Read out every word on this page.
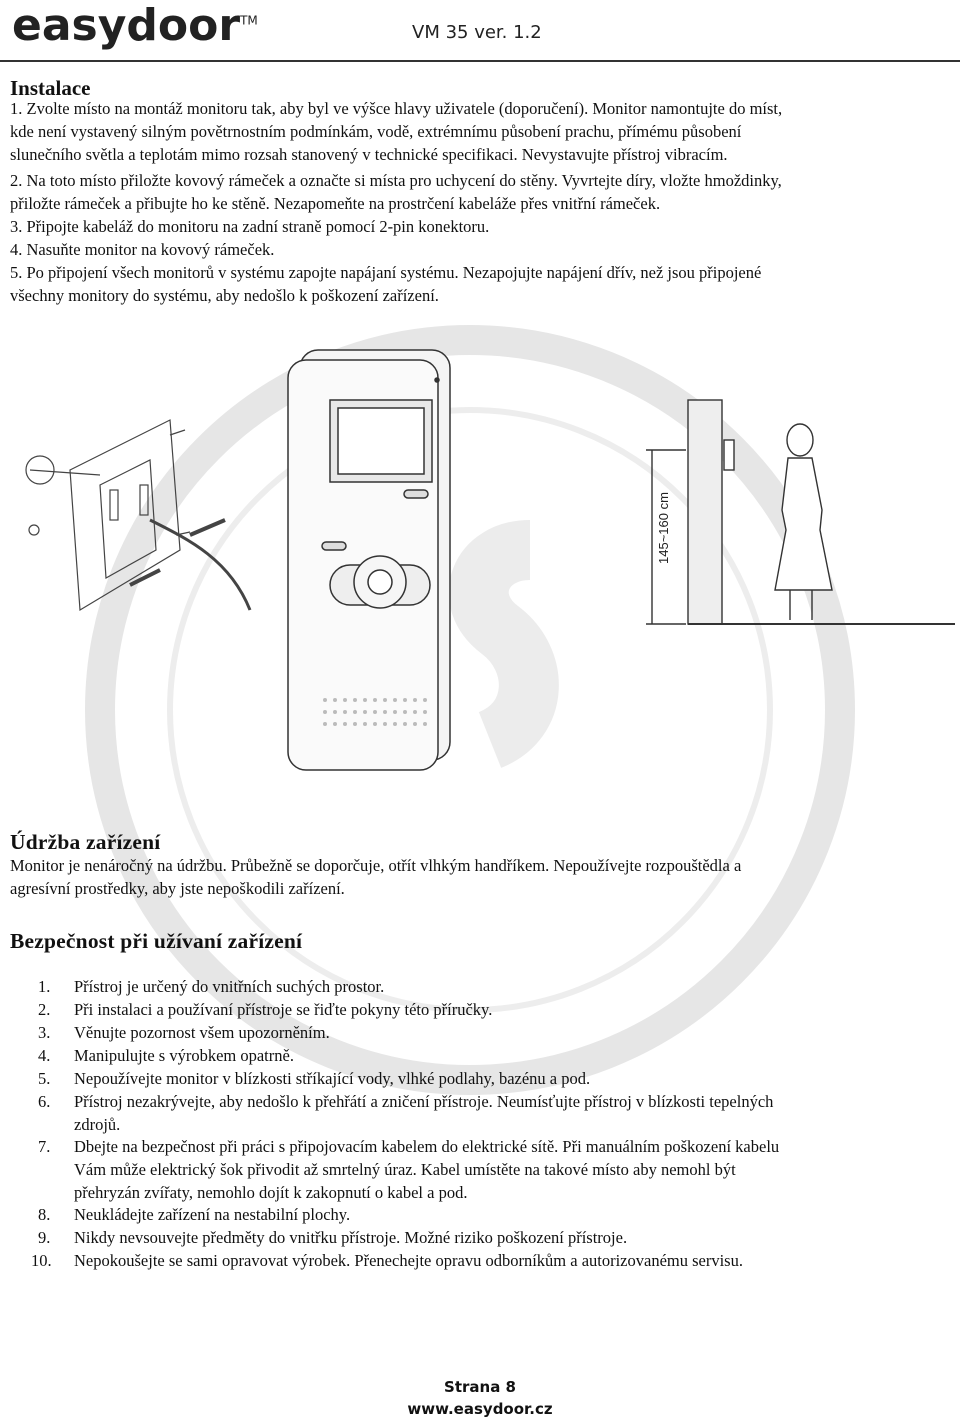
easydoor™
VM 35 ver. 1.2
Instalace
1. Zvolte místo na montáž monitoru tak, aby byl ve výšce hlavy uživatele (doporučení). Monitor namontujte do míst,
kde není vystavený silným povětrnostním podmínkám, vodě, extrémnímu působení prachu, přímému působení
slunečního světla a teplotám mimo rozsah stanovený v technické specifikaci. Nevystavujte přístroj vibracím.
2. Na toto místo přiložte kovový rámeček a označte si místa pro uchycení do stěny. Vyvrtejte díry, vložte hmoždinky,
přiložte rámeček a přibujte ho ke stěně. Nezapomeňte na prostrčení kabeláže přes vnitřní rámeček.
3. Připojte kabeláž do monitoru na zadní straně pomocí 2-pin konektoru.
4. Nasuňte monitor na kovový rámeček.
5. Po připojení všech monitorů v systému zapojte napájaní systému. Nezapojujte napájení dřív, než jsou připojené
všechny monitory do systému, aby nedošlo k poškození zařízení.
145~160 cm
Údržba zařízení
Monitor je nenáročný na údržbu. Průbežně se doporčuje, otřít vlhkým handříkem. Nepoužívejte rozpouštědla a
agresívní prostředky, aby jste nepoškodili zařízení.
Bezpečnost při užívaní zařízení
1. Přístroj je určený do vnitřních suchých prostor.
2. Při instalaci a používaní přístroje se řiďte pokyny této příručky.
3. Věnujte pozornost všem upozorněním.
4. Manipulujte s výrobkem opatrně.
5. Nepoužívejte monitor v blízkosti stříkající vody, vlhké podlahy, bazénu a pod.
6. Přístroj nezakrývejte, aby nedošlo k přehřátí a zničení přístroje. Neumísťujte přístroj v blízkosti tepelných
zdrojů.
7. Dbejte na bezpečnost při práci s připojovacím kabelem do elektrické sítě. Při manuálním poškození kabelu
Vám může elektrický šok přivodit až smrtelný úraz. Kabel umístěte na takové místo aby nemohl být
přehryzán zvířaty, nemohlo dojít k zakopnutí o kabel a pod.
8. Neukládejte zařízení na nestabilní plochy.
9. Nikdy nevsouvejte předměty do vnitřku přístroje. Možné riziko poškození přístroje.
10. Nepokoušejte se sami opravovat výrobek. Přenechejte opravu odborníkům a autorizovanému servisu.
Strana 8
www.easydoor.cz
